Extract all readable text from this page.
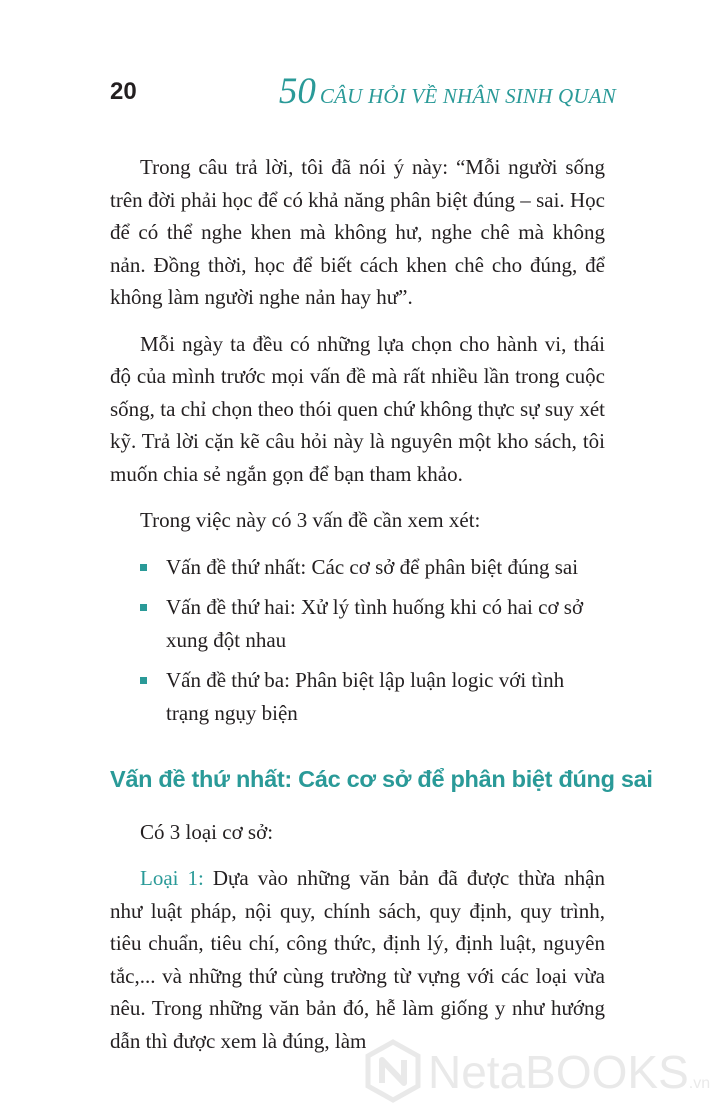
20	50 CÂU HỎI VỀ NHÂN SINH QUAN

Trong câu trả lời, tôi đã nói ý này: “Mỗi người sống trên đời phải học để có khả năng phân biệt đúng – sai. Học để có thể nghe khen mà không hư, nghe chê mà không nản. Đồng thời, học để biết cách khen chê cho đúng, để không làm người nghe nản hay hư”.

Mỗi ngày ta đều có những lựa chọn cho hành vi, thái độ của mình trước mọi vấn đề mà rất nhiều lần trong cuộc sống, ta chỉ chọn theo thói quen chứ không thực sự suy xét kỹ. Trả lời cặn kẽ câu hỏi này là nguyên một kho sách, tôi muốn chia sẻ ngắn gọn để bạn tham khảo.

Trong việc này có 3 vấn đề cần xem xét:

Vấn đề thứ nhất: Các cơ sở để phân biệt đúng sai
Vấn đề thứ hai: Xử lý tình huống khi có hai cơ sở xung đột nhau
Vấn đề thứ ba: Phân biệt lập luận logic với tình trạng ngụy biện
Vấn đề thứ nhất: Các cơ sở để phân biệt đúng sai

Có 3 loại cơ sở:

Loại 1: Dựa vào những văn bản đã được thừa nhận như luật pháp, nội quy, chính sách, quy định, quy trình, tiêu chuẩn, tiêu chí, công thức, định lý, định luật, nguyên tắc,... và những thứ cùng trường từ vựng với các loại vừa nêu. Trong những văn bản đó, hễ làm giống y như hướng dẫn thì được xem là đúng, làm

NetaBOOKS.vn
